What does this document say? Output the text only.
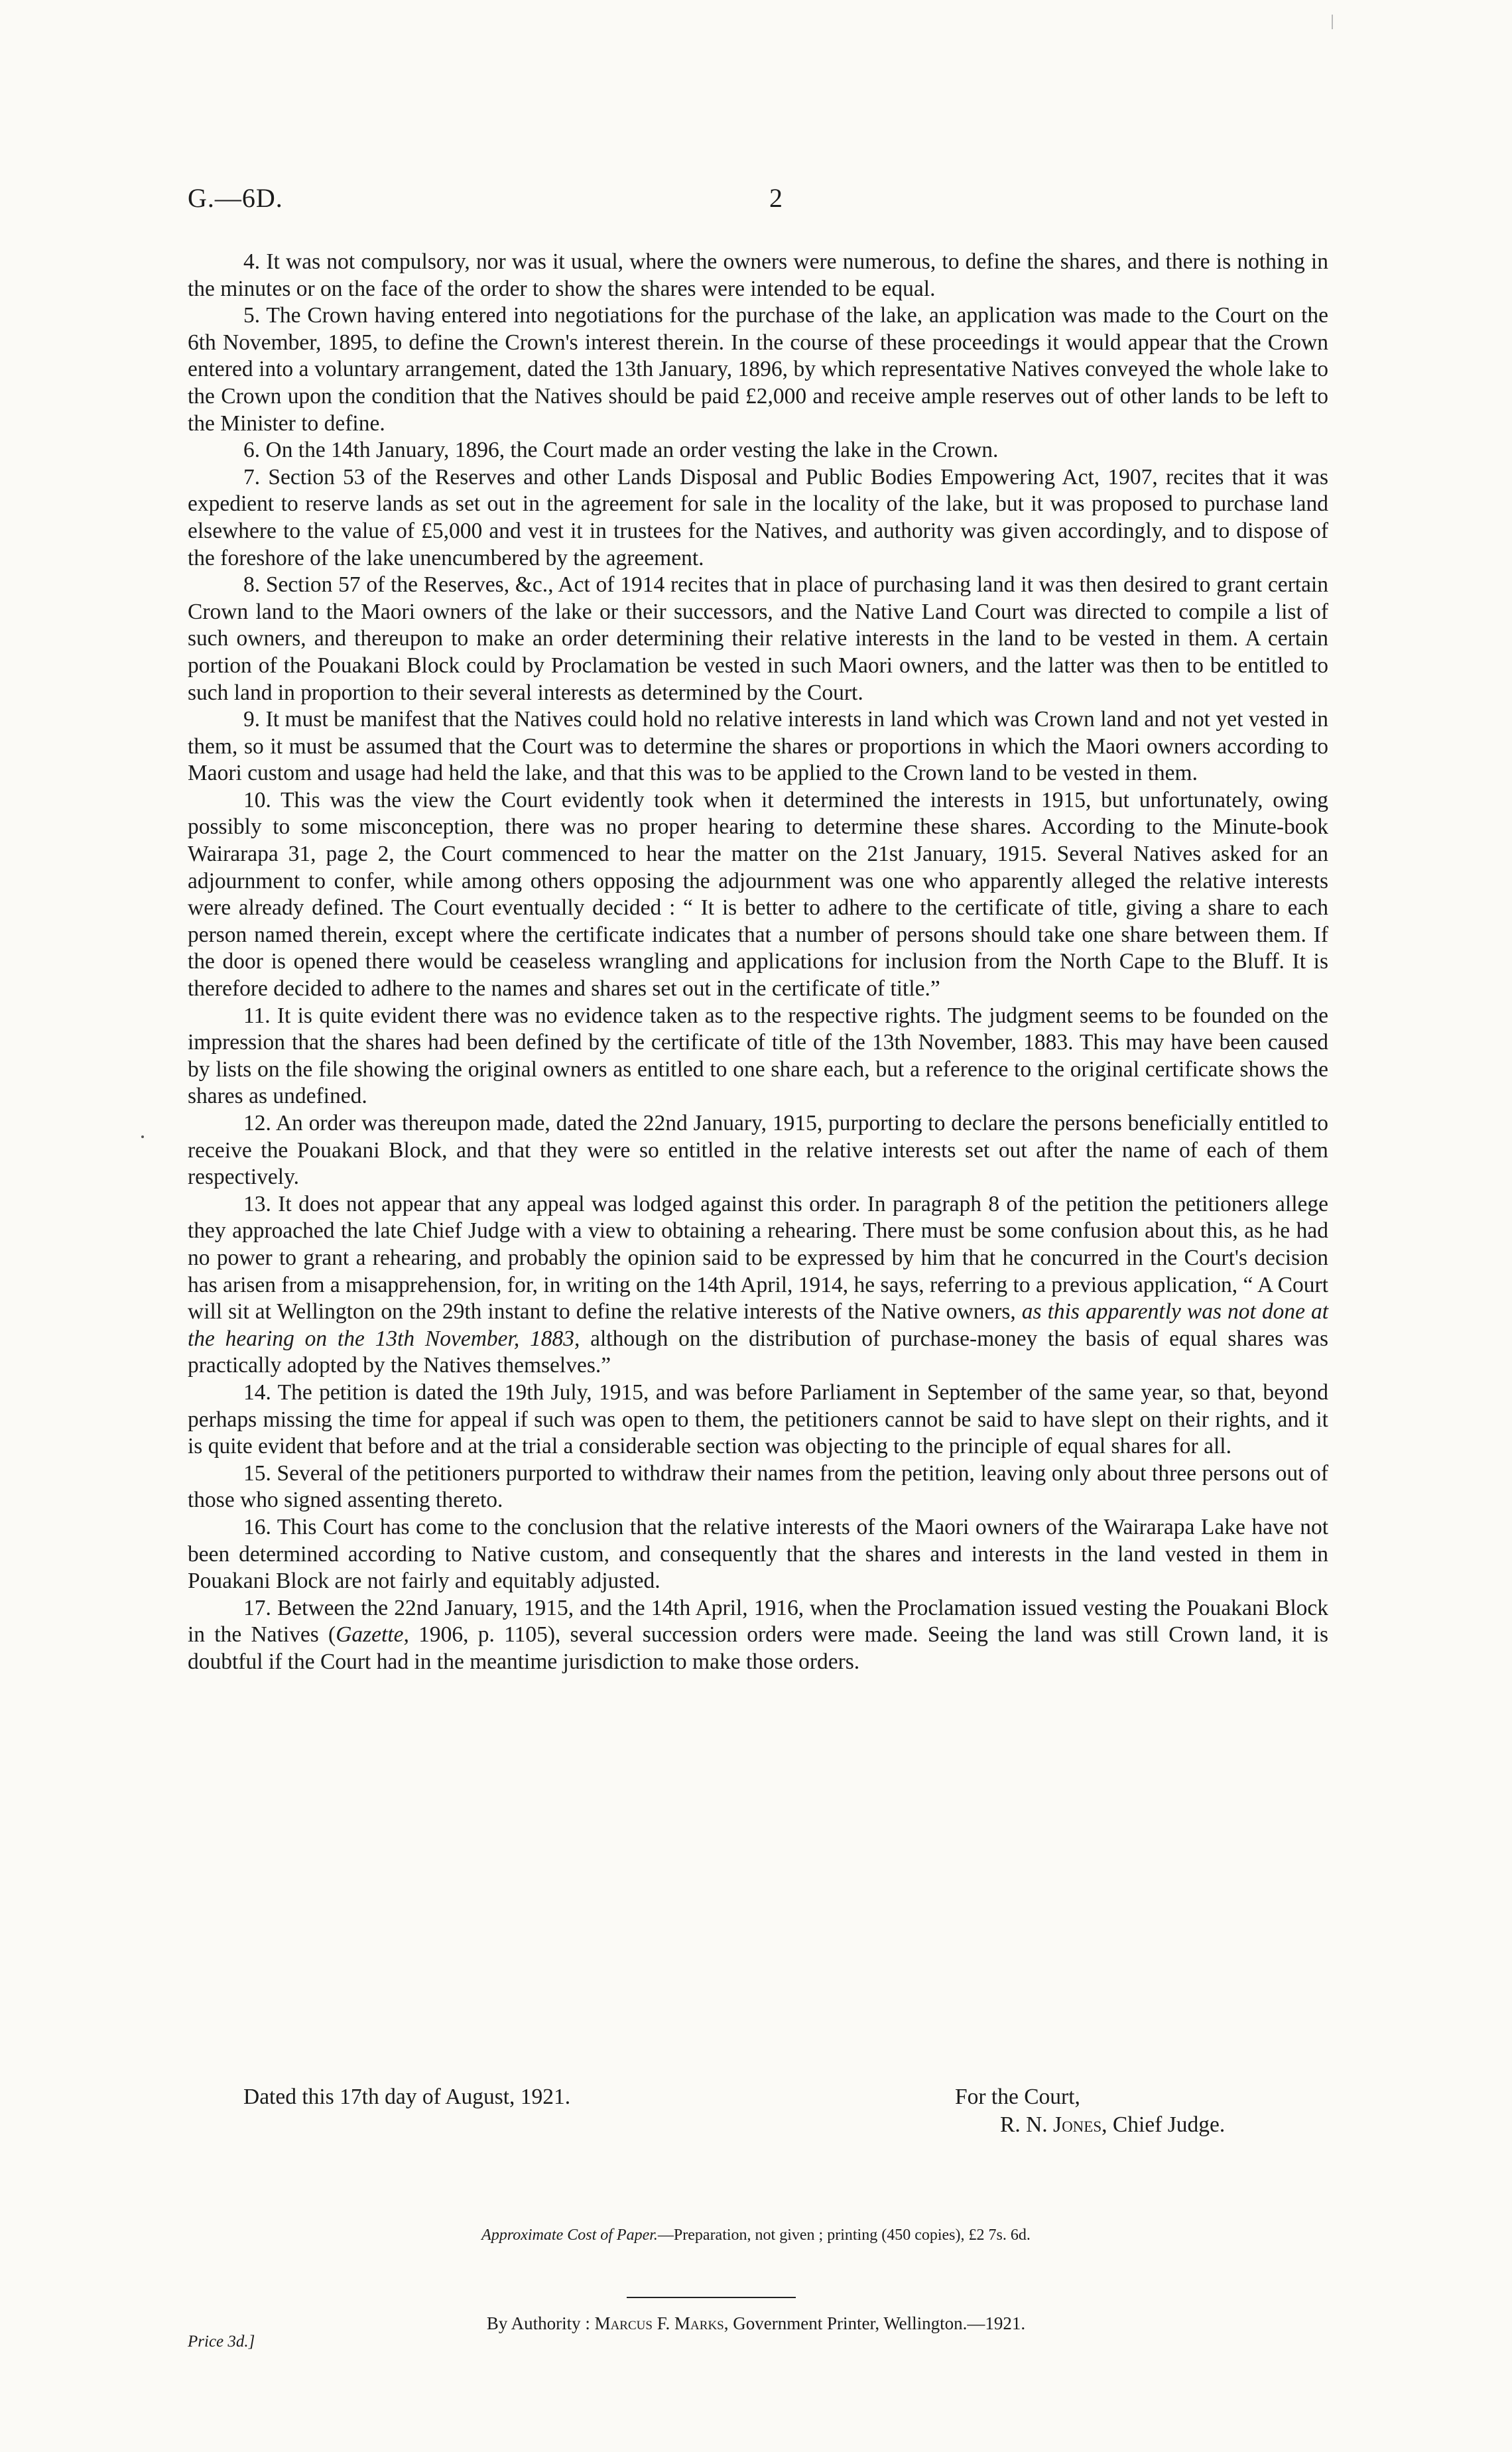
G.—6D.	2

4. It was not compulsory, nor was it usual, where the owners were numerous, to define the shares, and there is nothing in the minutes or on the face of the order to show the shares were intended to be equal.

5. The Crown having entered into negotiations for the purchase of the lake, an application was made to the Court on the 6th November, 1895, to define the Crown's interest therein. In the course of these proceedings it would appear that the Crown entered into a voluntary arrangement, dated the 13th January, 1896, by which representative Natives conveyed the whole lake to the Crown upon the condition that the Natives should be paid £2,000 and receive ample reserves out of other lands to be left to the Minister to define.

6. On the 14th January, 1896, the Court made an order vesting the lake in the Crown.

7. Section 53 of the Reserves and other Lands Disposal and Public Bodies Empowering Act, 1907, recites that it was expedient to reserve lands as set out in the agreement for sale in the locality of the lake, but it was proposed to purchase land elsewhere to the value of £5,000 and vest it in trustees for the Natives, and authority was given accordingly, and to dispose of the foreshore of the lake unencumbered by the agreement.

8. Section 57 of the Reserves, &c., Act of 1914 recites that in place of purchasing land it was then desired to grant certain Crown land to the Maori owners of the lake or their successors, and the Native Land Court was directed to compile a list of such owners, and thereupon to make an order determining their relative interests in the land to be vested in them. A certain portion of the Pouakani Block could by Proclamation be vested in such Maori owners, and the latter was then to be entitled to such land in proportion to their several interests as determined by the Court.

9. It must be manifest that the Natives could hold no relative interests in land which was Crown land and not yet vested in them, so it must be assumed that the Court was to determine the shares or proportions in which the Maori owners according to Maori custom and usage had held the lake, and that this was to be applied to the Crown land to be vested in them.

10. This was the view the Court evidently took when it determined the interests in 1915, but unfortunately, owing possibly to some misconception, there was no proper hearing to determine these shares. According to the Minute-book Wairarapa 31, page 2, the Court commenced to hear the matter on the 21st January, 1915. Several Natives asked for an adjournment to confer, while among others opposing the adjournment was one who apparently alleged the relative interests were already defined. The Court eventually decided : “ It is better to adhere to the certificate of title, giving a share to each person named therein, except where the certificate indicates that a number of persons should take one share between them. If the door is opened there would be ceaseless wrangling and applications for inclusion from the North Cape to the Bluff. It is therefore decided to adhere to the names and shares set out in the certificate of title.”

11. It is quite evident there was no evidence taken as to the respective rights. The judgment seems to be founded on the impression that the shares had been defined by the certificate of title of the 13th November, 1883. This may have been caused by lists on the file showing the original owners as entitled to one share each, but a reference to the original certificate shows the shares as undefined.

12. An order was thereupon made, dated the 22nd January, 1915, purporting to declare the persons beneficially entitled to receive the Pouakani Block, and that they were so entitled in the relative interests set out after the name of each of them respectively.

13. It does not appear that any appeal was lodged against this order. In paragraph 8 of the petition the petitioners allege they approached the late Chief Judge with a view to obtaining a rehearing. There must be some confusion about this, as he had no power to grant a rehearing, and probably the opinion said to be expressed by him that he concurred in the Court's decision has arisen from a misapprehension, for, in writing on the 14th April, 1914, he says, referring to a previous application, “ A Court will sit at Wellington on the 29th instant to define the relative interests of the Native owners, as this apparently was not done at the hearing on the 13th November, 1883, although on the distribution of purchase-money the basis of equal shares was practically adopted by the Natives themselves.”

14. The petition is dated the 19th July, 1915, and was before Parliament in September of the same year, so that, beyond perhaps missing the time for appeal if such was open to them, the petitioners cannot be said to have slept on their rights, and it is quite evident that before and at the trial a considerable section was objecting to the principle of equal shares for all.

15. Several of the petitioners purported to withdraw their names from the petition, leaving only about three persons out of those who signed assenting thereto.

16. This Court has come to the conclusion that the relative interests of the Maori owners of the Wairarapa Lake have not been determined according to Native custom, and consequently that the shares and interests in the land vested in them in Pouakani Block are not fairly and equitably adjusted.

17. Between the 22nd January, 1915, and the 14th April, 1916, when the Proclamation issued vesting the Pouakani Block in the Natives (Gazette, 1906, p. 1105), several succession orders were made. Seeing the land was still Crown land, it is doubtful if the Court had in the meantime jurisdiction to make those orders.

Dated this 17th day of August, 1921.	For the Court,
R. N. Jones, Chief Judge.
Approximate Cost of Paper.—Preparation, not given ; printing (450 copies), £2 7s. 6d.
By Authority : Marcus F. Marks, Government Printer, Wellington.—1921.
Price 3d.]
